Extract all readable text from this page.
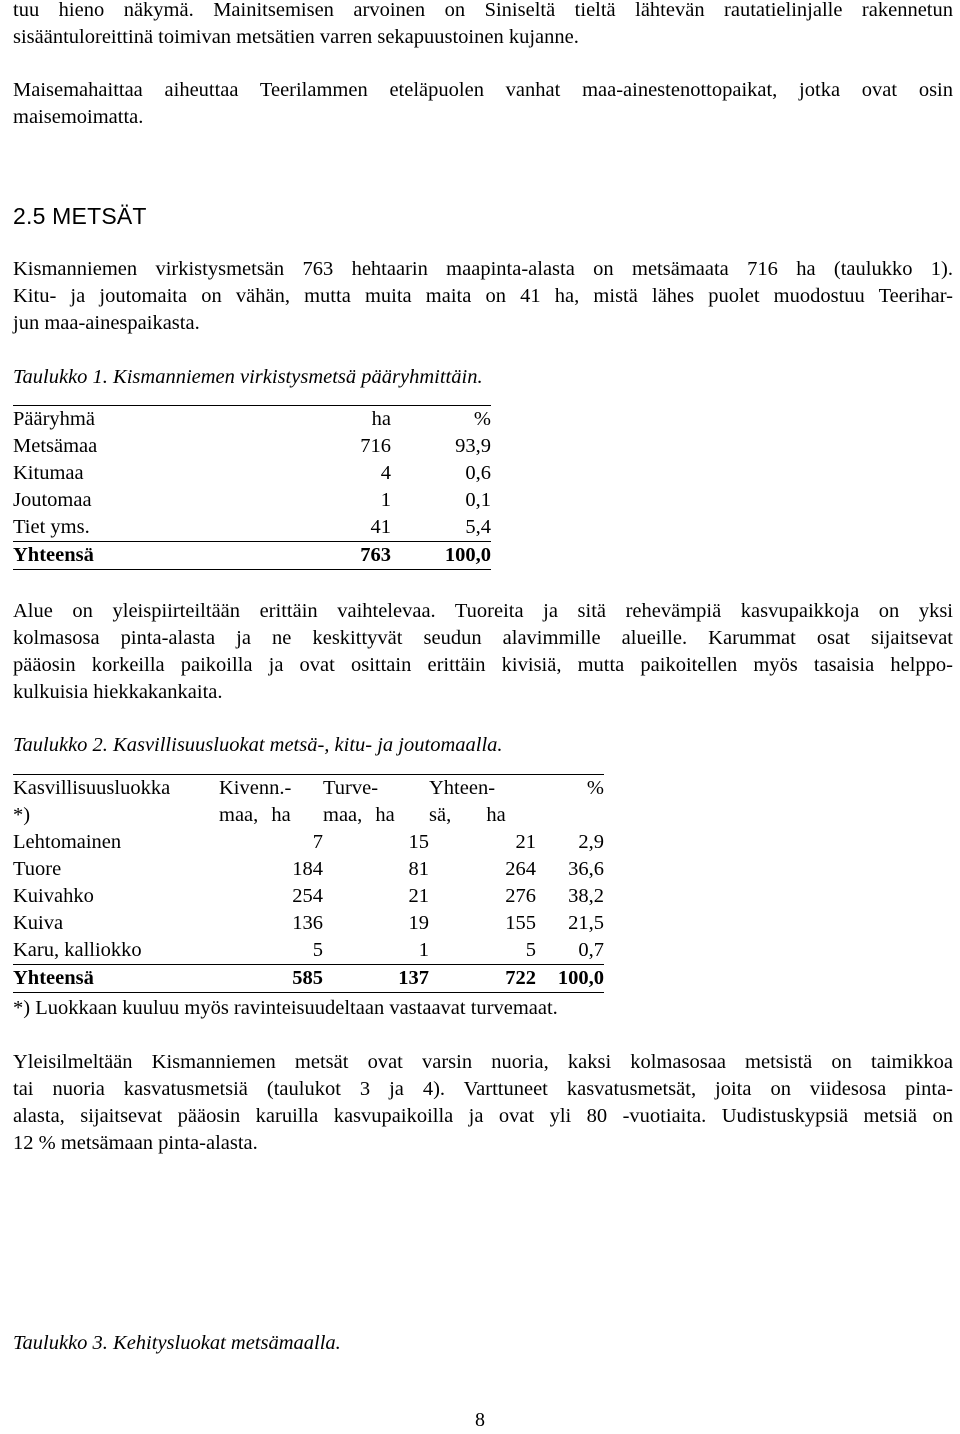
tuu hieno näkymä. Mainitsemisen arvoinen on Siniseltä tieltä lähtevän rautatielinjalle rakennetun
sisääntuloreittinä toimivan metsätien varren sekapuustoinen kujanne.
Maisemahaittaa aiheuttaa Teerilammen eteläpuolen vanhat maa-ainestenottopaikat, jotka ovat osin
maisemoimatta.
2.5 METSÄT
Kismanniemen virkistysmetsän 763 hehtaarin maapinta-alasta on metsämaata 716 ha (taulukko 1).
Kitu- ja joutomaita on vähän, mutta muita maita on 41 ha, mistä lähes puolet muodostuu Teerihar-
jun maa-ainespaikasta.
Taulukko 1. Kismanniemen virkistysmetsä pääryhmittäin.
Pääryhmä	ha	%
Metsämaa	716	93,9
Kitumaa	4	0,6
Joutomaa	1	0,1
Tiet yms.	41	5,4
Yhteensä	763	100,0
Alue on yleispiirteiltään erittäin vaihtelevaa. Tuoreita ja sitä rehevämpiä kasvupaikkoja on yksi
kolmasosa pinta-alasta ja ne keskittyvät seudun alavimmille alueille. Karummat osat sijaitsevat
pääosin korkeilla paikoilla ja ovat osittain erittäin kivisiä, mutta paikoitellen myös tasaisia helppo-
kulkuisia hiekkakankaita.
Taulukko 2. Kasvillisuusluokat metsä-, kitu- ja joutomaalla.
Kasvillisuusluokka	Kivenn.-	Turve-	Yhteen-	%
*)	maa, ha	maa, ha	sä, ha	
Lehtomainen	7	15	21	2,9
Tuore	184	81	264	36,6
Kuivahko	254	21	276	38,2
Kuiva	136	19	155	21,5
Karu, kalliokko	5	1	5	0,7
Yhteensä	585	137	722	100,0
*) Luokkaan kuuluu myös ravinteisuudeltaan vastaavat turvemaat.
Yleisilmeltään Kismanniemen metsät ovat varsin nuoria, kaksi kolmasosaa metsistä on taimikkoa
tai nuoria kasvatusmetsiä (taulukot 3 ja 4). Varttuneet kasvatusmetsät, joita on viidesosa pinta-
alasta, sijaitsevat pääosin karuilla kasvupaikoilla ja ovat yli 80 -vuotiaita. Uudistuskypsiä metsiä on
12 % metsämaan pinta-alasta.
Taulukko 3. Kehitysluokat metsämaalla.
8
